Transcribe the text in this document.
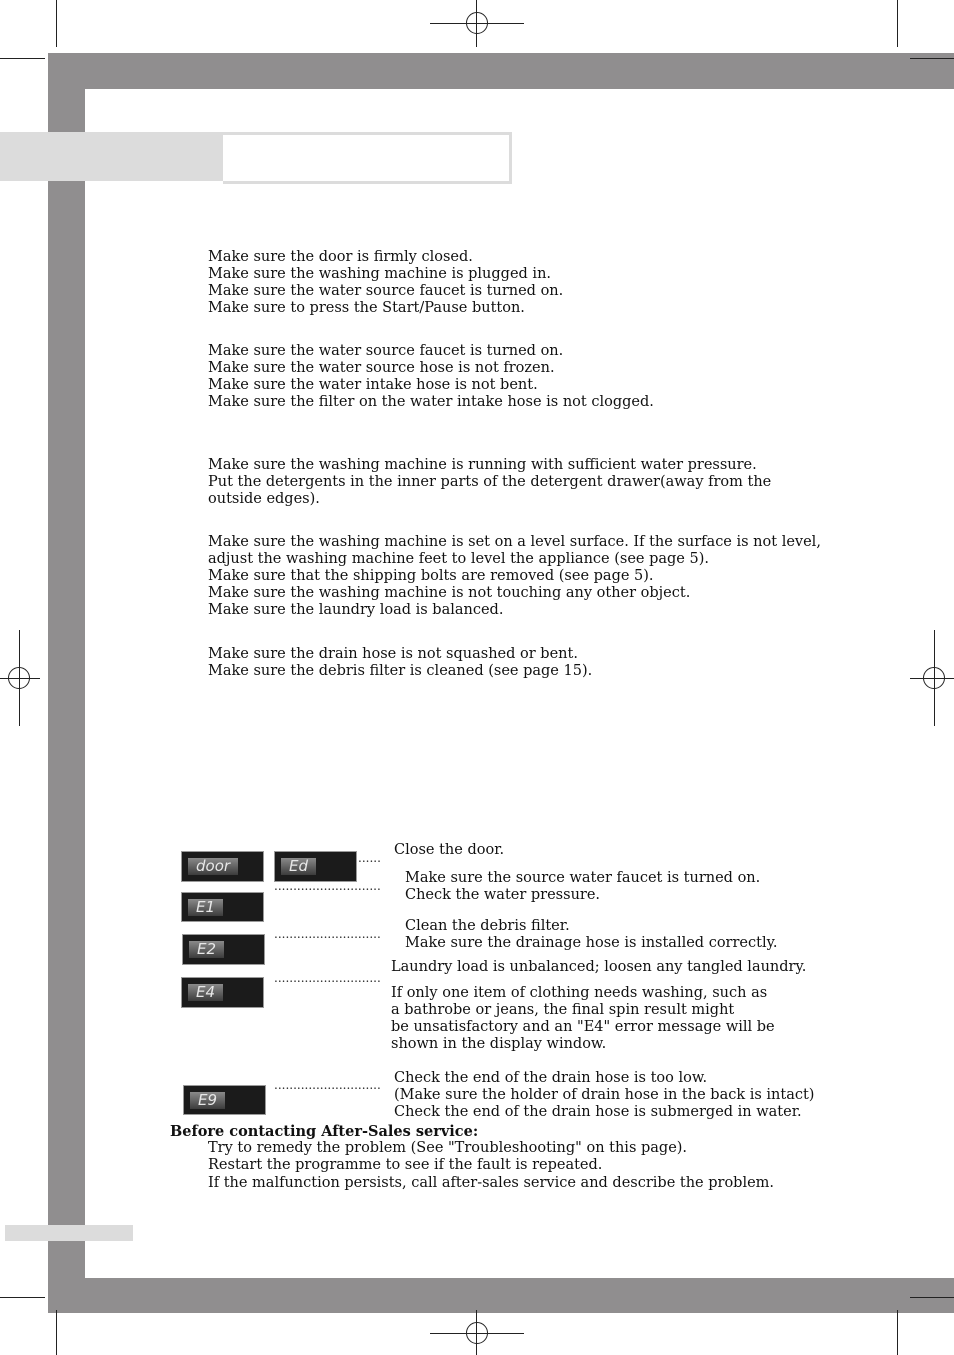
Make sure the door is firmly closed.
Make sure the washing machine is plugged in.
Make sure the water source faucet is turned on.
Make sure to press the Start/Pause button.
Make sure the water source faucet is turned on.
Make sure the water source hose is not frozen.
Make sure the water intake hose is not bent.
Make sure the filter on the water intake hose is not clogged.
Make sure the washing machine is running with sufficient water pressure.
Put the detergents in the inner parts of the detergent drawer(away from the
outside edges).
Make sure the washing machine is set on a level surface. If the surface is not level,
adjust the washing machine feet to level the appliance (see page 5).
Make sure that the shipping bolts are removed (see page 5).
Make sure the washing machine is not touching any other object.
Make sure the laundry load is balanced.
Make sure the drain hose is not squashed or bent.
Make sure the debris filter is cleaned (see page 15).
door	Ed
E1
E2
E4
E9
......
............................
............................
............................
............................
Close the door.
Make sure the source water faucet is turned on.
Check the water pressure.
Clean the debris filter.
Make sure the drainage hose is installed correctly.
Laundry load is unbalanced; loosen any tangled laundry.
If only one item of clothing needs washing, such as
a bathrobe or jeans, the final spin result might
be unsatisfactory and an "E4" error message will be
shown in the display window.
Check the end of the drain hose is too low.
(Make sure the holder of drain hose in the back is intact)
Check the end of the drain hose is submerged in water.
Before contacting After-Sales service:
Try to remedy the problem (See "Troubleshooting" on this page).
Restart the programme to see if the fault is repeated.
If the malfunction persists, call after-sales service and describe the problem.
